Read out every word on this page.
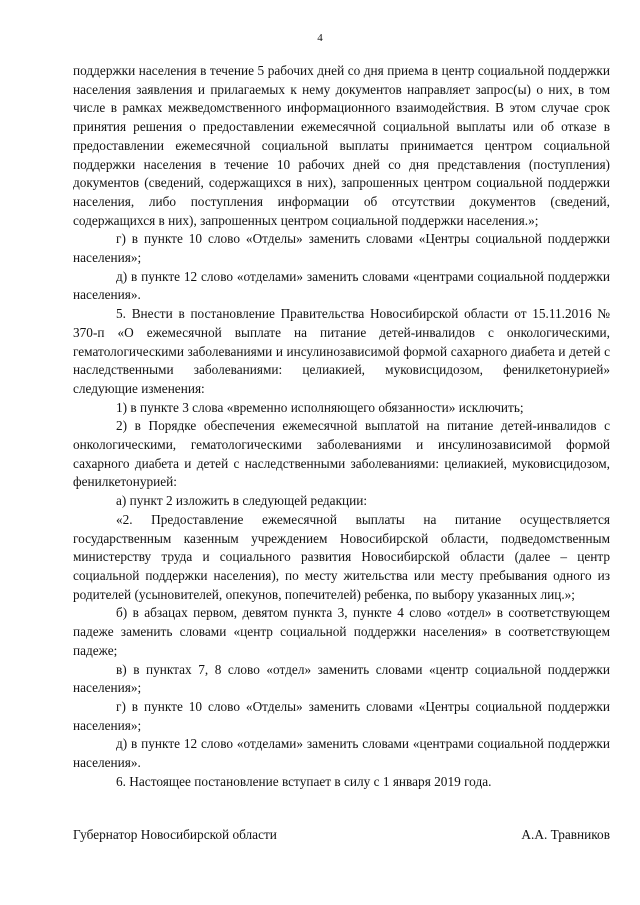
4

поддержки населения в течение 5 рабочих дней со дня приема в центр социальной поддержки населения заявления и прилагаемых к нему документов направляет запрос(ы) о них, в том числе в рамках межведомственного информационного взаимодействия. В этом случае срок принятия решения о предоставлении ежемесячной социальной выплаты или об отказе в предоставлении ежемесячной социальной выплаты принимается центром социальной поддержки населения в течение 10 рабочих дней со дня представления (поступления) документов (сведений, содержащихся в них), запрошенных центром социальной поддержки населения, либо поступления информации об отсутствии документов (сведений, содержащихся в них), запрошенных центром социальной поддержки населения.»;

г) в пункте 10 слово «Отделы» заменить словами «Центры социальной поддержки населения»;

д) в пункте 12 слово «отделами» заменить словами «центрами социальной поддержки населения».

5. Внести в постановление Правительства Новосибирской области от 15.11.2016 № 370-п «О ежемесячной выплате на питание детей-инвалидов с онкологическими, гематологическими заболеваниями и инсулинозависимой формой сахарного диабета и детей с наследственными заболеваниями: целиакией, муковисцидозом, фенилкетонурией» следующие изменения:

1) в пункте 3 слова «временно исполняющего обязанности» исключить;

2) в Порядке обеспечения ежемесячной выплатой на питание детей-инвалидов с онкологическими, гематологическими заболеваниями и инсулинозависимой формой сахарного диабета и детей с наследственными заболеваниями: целиакией, муковисцидозом, фенилкетонурией:

а) пункт 2 изложить в следующей редакции:

«2. Предоставление ежемесячной выплаты на питание осуществляется государственным казенным учреждением Новосибирской области, подведомственным министерству труда и социального развития Новосибирской области (далее – центр социальной поддержки населения), по месту жительства или месту пребывания одного из родителей (усыновителей, опекунов, попечителей) ребенка, по выбору указанных лиц.»;

б) в абзацах первом, девятом пункта 3, пункте 4 слово «отдел» в соответствующем падеже заменить словами «центр социальной поддержки населения» в соответствующем падеже;

в) в пунктах 7, 8 слово «отдел» заменить словами «центр социальной поддержки населения»;

г) в пункте 10 слово «Отделы» заменить словами «Центры социальной поддержки населения»;

д) в пункте 12 слово «отделами» заменить словами «центрами социальной поддержки населения».

6. Настоящее постановление вступает в силу с 1 января 2019 года.

Губернатор Новосибирской области	А.А. Травников
